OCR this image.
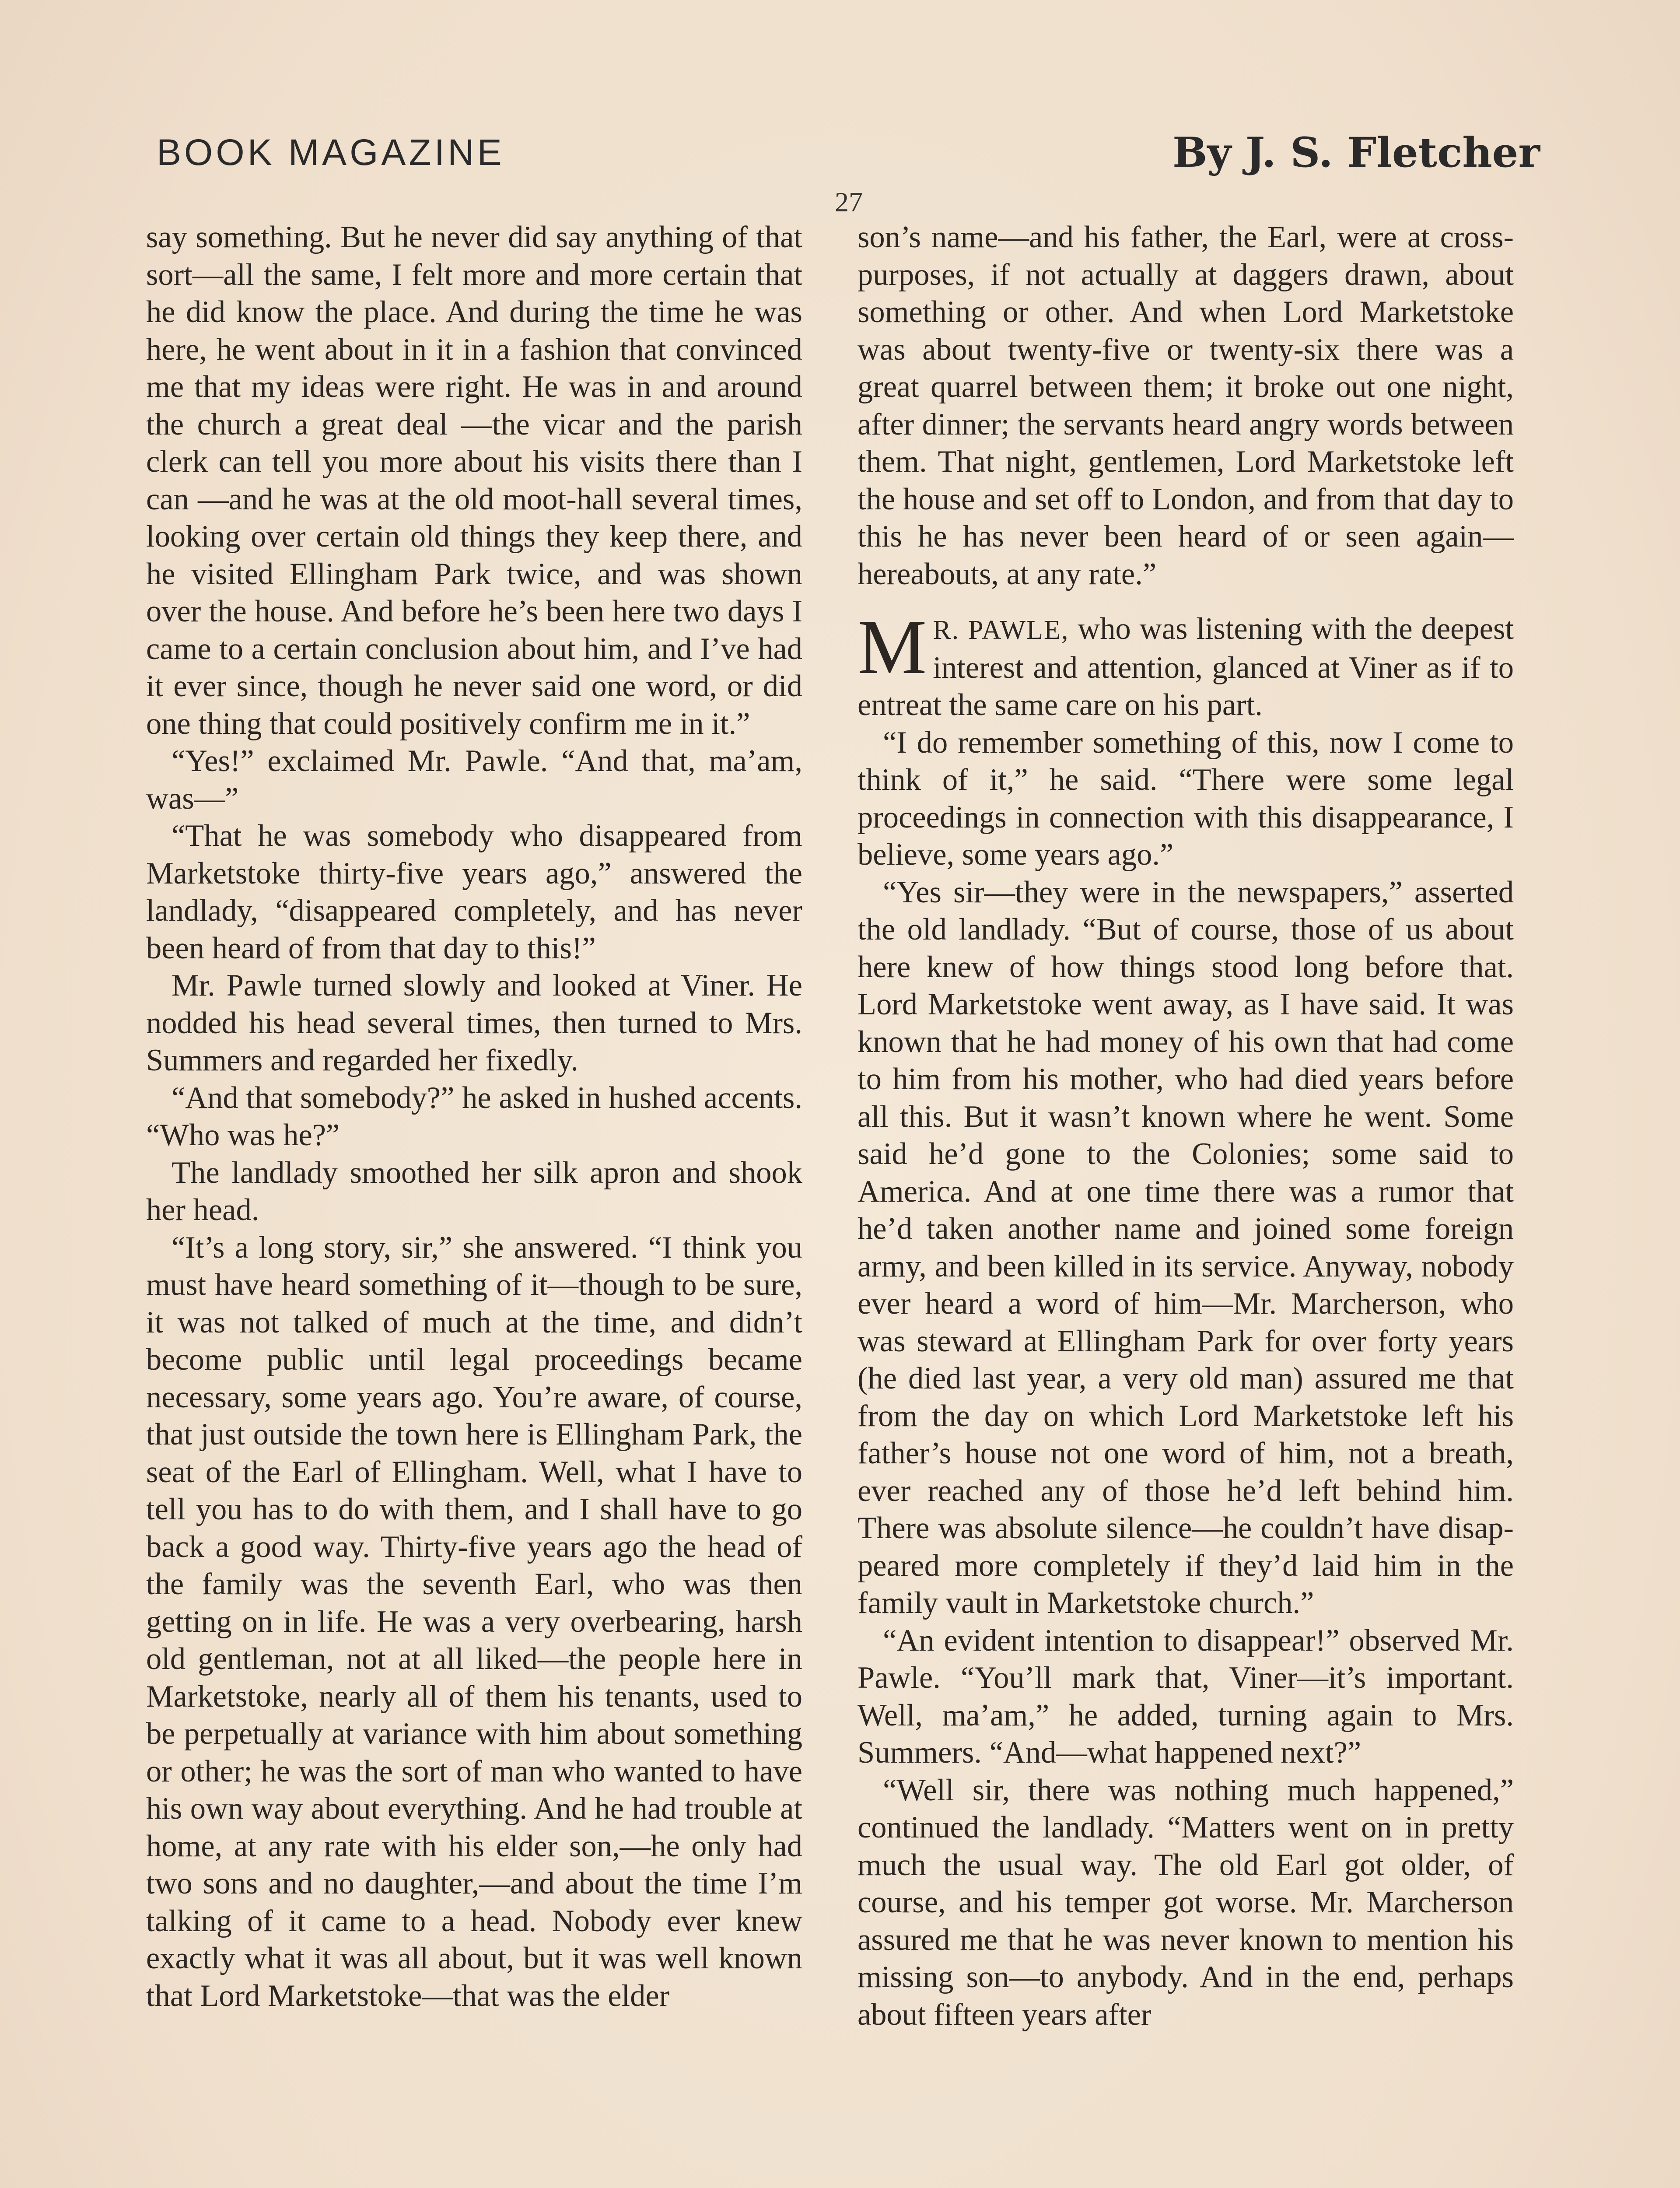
BOOK MAGAZINE	By J. S. Fletcher
27

say something. But he never did say anything of that sort—all the same, I felt more and more certain that he did know the place. And during the time he was here, he went about in it in a fashion that convinced me that my ideas were right. He was in and around the church a great deal —the vicar and the parish clerk can tell you more about his visits there than I can —and he was at the old moot-hall several times, looking over certain old things they keep there, and he visited Ellingham Park twice, and was shown over the house. And before he’s been here two days I came to a certain conclusion about him, and I’ve had it ever since, though he never said one word, or did one thing that could positively confirm me in it.”

“Yes!” exclaimed Mr. Pawle. “And that, ma’am, was—”

“That he was somebody who disappeared from Marketstoke thirty-five years ago,” answered the landlady, “disappeared completely, and has never been heard of from that day to this!”

Mr. Pawle turned slowly and looked at Viner. He nodded his head several times, then turned to Mrs. Summers and regarded her fixedly.

“And that somebody?” he asked in hushed accents. “Who was he?”

The landlady smoothed her silk apron and shook her head.

“It’s a long story, sir,” she answered. “I think you must have heard something of it—though to be sure, it was not talked of much at the time, and didn’t become public until legal proceedings became necessary, some years ago. You’re aware, of course, that just outside the town here is Ellingham Park, the seat of the Earl of Ellingham. Well, what I have to tell you has to do with them, and I shall have to go back a good way. Thirty-five years ago the head of the family was the seventh Earl, who was then getting on in life. He was a very overbearing, harsh old gentleman, not at all liked—the people here in Marketstoke, nearly all of them his tenants, used to be perpetually at variance with him about something or other; he was the sort of man who wanted to have his own way about everything. And he had trouble at home, at any rate with his elder son,—he only had two sons and no daughter,—and about the time I’m talking of it came to a head. Nobody ever knew exactly what it was all about, but it was well known that Lord Marketstoke—that was the elder

son’s name—and his father, the Earl, were at cross-purposes, if not actually at daggers drawn, about something or other. And when Lord Marketstoke was about twenty-five or twenty-six there was a great quarrel between them; it broke out one night, after dinner; the servants heard angry words between them. That night, gentlemen, Lord Marketstoke left the house and set off to London, and from that day to this he has never been heard of or seen again—hereabouts, at any rate.”

M R. PAWLE, who was listening with the deepest interest and attention, glanced at Viner as if to entreat the same care on his part.

“I do remember something of this, now I come to think of it,” he said. “There were some legal proceedings in connection with this disappearance, I believe, some years ago.”

“Yes sir—they were in the newspapers,” asserted the old landlady. “But of course, those of us about here knew of how things stood long before that. Lord Marketstoke went away, as I have said. It was known that he had money of his own that had come to him from his mother, who had died years before all this. But it wasn’t known where he went. Some said he’d gone to the Colonies; some said to America. And at one time there was a rumor that he’d taken another name and joined some foreign army, and been killed in its service. Anyway, nobody ever heard a word of him—Mr. Marcherson, who was steward at Ellingham Park for over forty years (he died last year, a very old man) assured me that from the day on which Lord Marketstoke left his father’s house not one word of him, not a breath, ever reached any of those he’d left behind him. There was absolute silence—he couldn’t have disappeared more completely if they’d laid him in the family vault in Marketstoke church.”

“An evident intention to disappear!” observed Mr. Pawle. “You’ll mark that, Viner—it’s important. Well, ma’am,” he added, turning again to Mrs. Summers. “And—what happened next?”

“Well sir, there was nothing much happened,” continued the landlady. “Matters went on in pretty much the usual way. The old Earl got older, of course, and his temper got worse. Mr. Marcherson assured me that he was never known to mention his missing son—to anybody. And in the end, perhaps about fifteen years after
